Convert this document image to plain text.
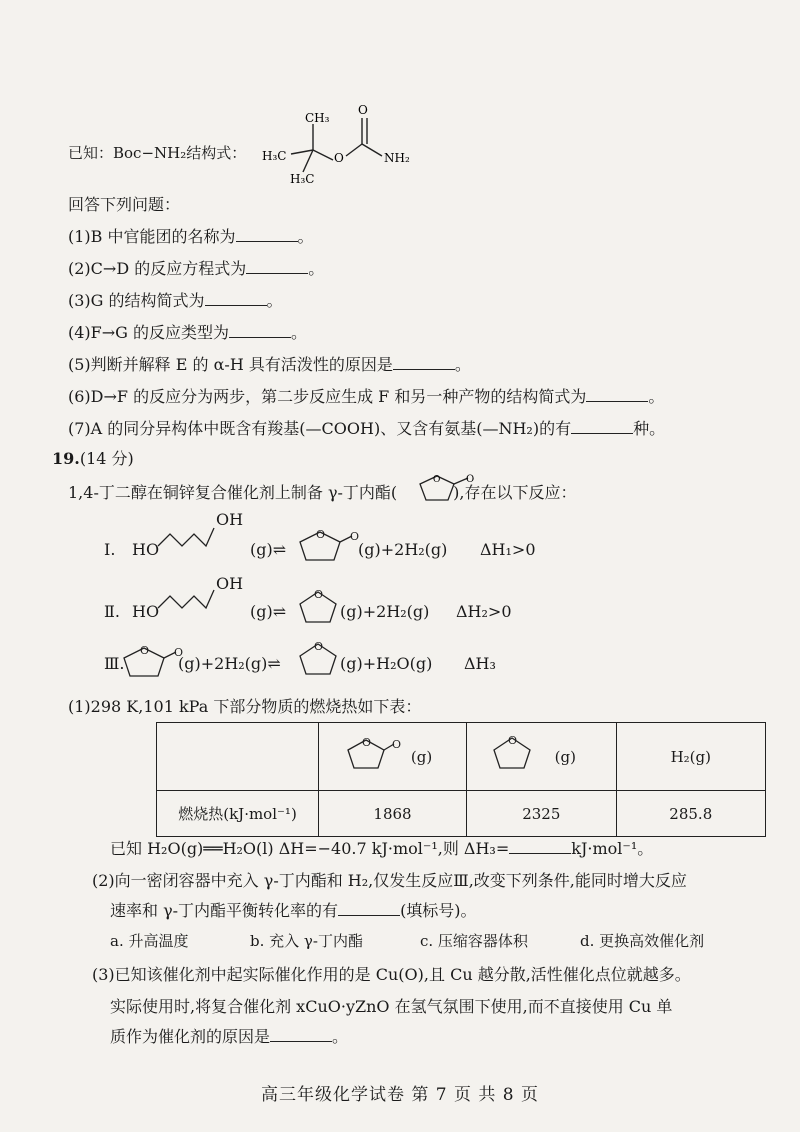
已知：Boc−NH₂结构式：
CH₃
H₃C
H₃C
O
O
NH₂
回答下列问题：
(1)B 中官能团的名称为	。
(2)C→D 的反应方程式为	。
(3)G 的结构简式为	。
(4)F→G 的反应类型为	。
(5)判断并解释 E 的 α-H 具有活泼性的原因是	。
(6)D→F 的反应分为两步，第二步反应生成 F 和另一种产物的结构简式为	。
(7)A 的同分异构体中既含有羧基(—COOH)、又含有氨基(—NH₂)的有	种。
19.(14 分)
1,4-丁二醇在铜锌复合催化剂上制备 γ-丁内酯(	),存在以下反应：
O
O
Ⅰ. HO
OH
(g)⇌	(g)+2H₂(g) ΔH₁>0
Ⅱ. HO
OH
(g)⇌	(g)+2H₂(g) ΔH₂>0
Ⅲ.	(g)+2H₂(g)⇌	(g)+H₂O(g) ΔH₃
O O
O
O O	O
(1)298 K,101 kPa 下部分物质的燃烧热如下表：
	(g)	(g)	H₂(g)
燃烧热(kJ·mol⁻¹)	1868	2325	285.8
O O	O
已知 H₂O(g)══H₂O(l) ΔH=−40.7 kJ·mol⁻¹,则 ΔH₃=	kJ·mol⁻¹。
(2)向一密闭容器中充入 γ-丁内酯和 H₂,仅发生反应Ⅲ,改变下列条件,能同时增大反应
速率和 γ-丁内酯平衡转化率的有	(填标号)。
a. 升高温度	b. 充入 γ-丁内酯	c. 压缩容器体积	d. 更换高效催化剂
(3)已知该催化剂中起实际催化作用的是 Cu(O),且 Cu 越分散,活性催化点位就越多。
实际使用时,将复合催化剂 xCuO·yZnO 在氢气氛围下使用,而不直接使用 Cu 单
质作为催化剂的原因是	。
高三年级化学试卷 第 7 页 共 8 页
